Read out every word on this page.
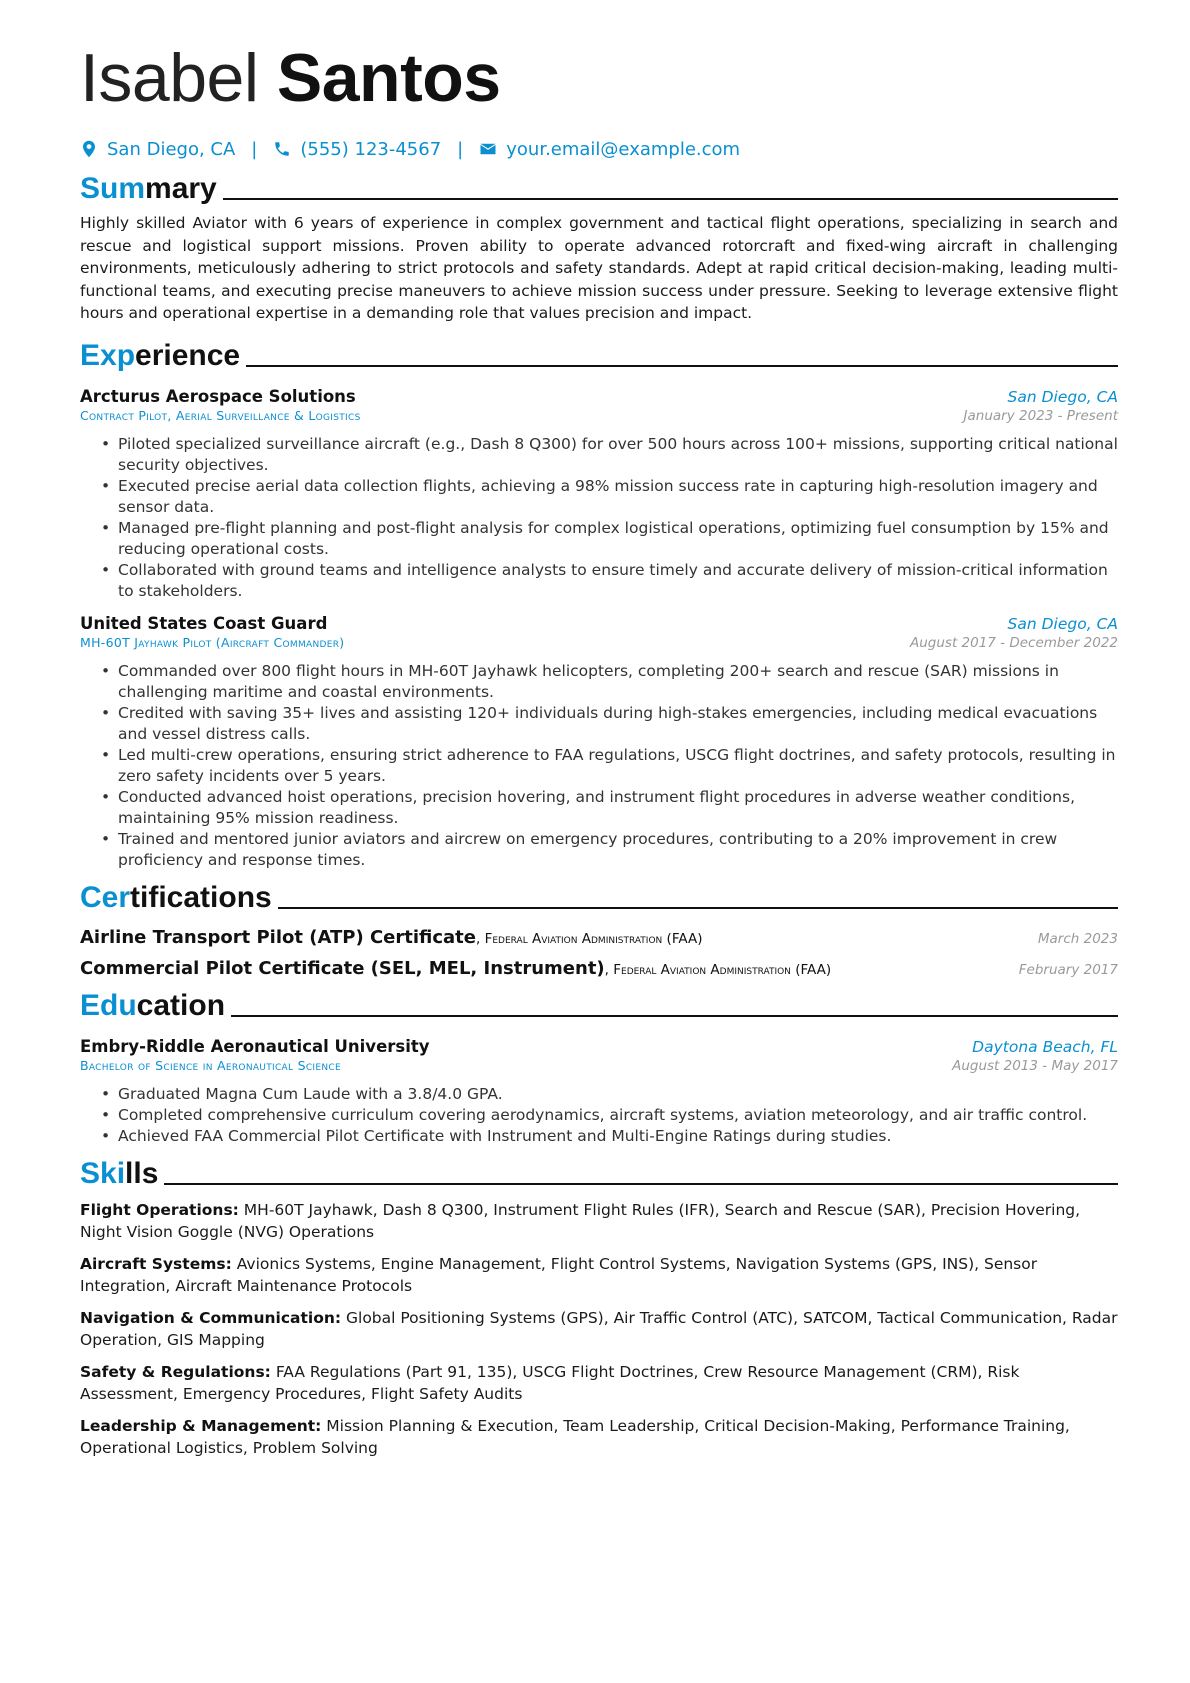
Isabel Santos
San Diego, CA | (555) 123-4567 | your.email@example.com
Summary

Highly skilled Aviator with 6 years of experience in complex government and tactical flight operations, specializing in search and rescue and logistical support missions. Proven ability to operate advanced rotorcraft and fixed-wing aircraft in challenging environments, meticulously adhering to strict protocols and safety standards. Adept at rapid critical decision-making, leading multi-functional teams, and executing precise maneuvers to achieve mission success under pressure. Seeking to leverage extensive flight hours and operational expertise in a demanding role that values precision and impact.

Experience
Arcturus Aerospace Solutions	San Diego, CA
Contract Pilot, Aerial Surveillance & Logistics	January 2023 - Present
• Piloted specialized surveillance aircraft (e.g., Dash 8 Q300) for over 500 hours across 100+ missions, supporting critical national security objectives.
• Executed precise aerial data collection flights, achieving a 98% mission success rate in capturing high-resolution imagery and sensor data.
• Managed pre-flight planning and post-flight analysis for complex logistical operations, optimizing fuel consumption by 15% and reducing operational costs.
• Collaborated with ground teams and intelligence analysts to ensure timely and accurate delivery of mission-critical information to stakeholders.
United States Coast Guard	San Diego, CA
MH-60T Jayhawk Pilot (Aircraft Commander)	August 2017 - December 2022
• Commanded over 800 flight hours in MH-60T Jayhawk helicopters, completing 200+ search and rescue (SAR) missions in challenging maritime and coastal environments.
• Credited with saving 35+ lives and assisting 120+ individuals during high-stakes emergencies, including medical evacuations and vessel distress calls.
• Led multi-crew operations, ensuring strict adherence to FAA regulations, USCG flight doctrines, and safety protocols, resulting in zero safety incidents over 5 years.
• Conducted advanced hoist operations, precision hovering, and instrument flight procedures in adverse weather conditions, maintaining 95% mission readiness.
• Trained and mentored junior aviators and aircrew on emergency procedures, contributing to a 20% improvement in crew proficiency and response times.
Certifications
Airline Transport Pilot (ATP) Certificate, Federal Aviation Administration (FAA)	March 2023
Commercial Pilot Certificate (SEL, MEL, Instrument), Federal Aviation Administration (FAA)	February 2017
Education
Embry-Riddle Aeronautical University	Daytona Beach, FL
Bachelor of Science in Aeronautical Science	August 2013 - May 2017
• Graduated Magna Cum Laude with a 3.8/4.0 GPA.
• Completed comprehensive curriculum covering aerodynamics, aircraft systems, aviation meteorology, and air traffic control.
• Achieved FAA Commercial Pilot Certificate with Instrument and Multi-Engine Ratings during studies.
Skills

Flight Operations: MH-60T Jayhawk, Dash 8 Q300, Instrument Flight Rules (IFR), Search and Rescue (SAR), Precision Hovering, Night Vision Goggle (NVG) Operations

Aircraft Systems: Avionics Systems, Engine Management, Flight Control Systems, Navigation Systems (GPS, INS), Sensor Integration, Aircraft Maintenance Protocols

Navigation & Communication: Global Positioning Systems (GPS), Air Traffic Control (ATC), SATCOM, Tactical Communication, Radar Operation, GIS Mapping

Safety & Regulations: FAA Regulations (Part 91, 135), USCG Flight Doctrines, Crew Resource Management (CRM), Risk Assessment, Emergency Procedures, Flight Safety Audits

Leadership & Management: Mission Planning & Execution, Team Leadership, Critical Decision-Making, Performance Training, Operational Logistics, Problem Solving
